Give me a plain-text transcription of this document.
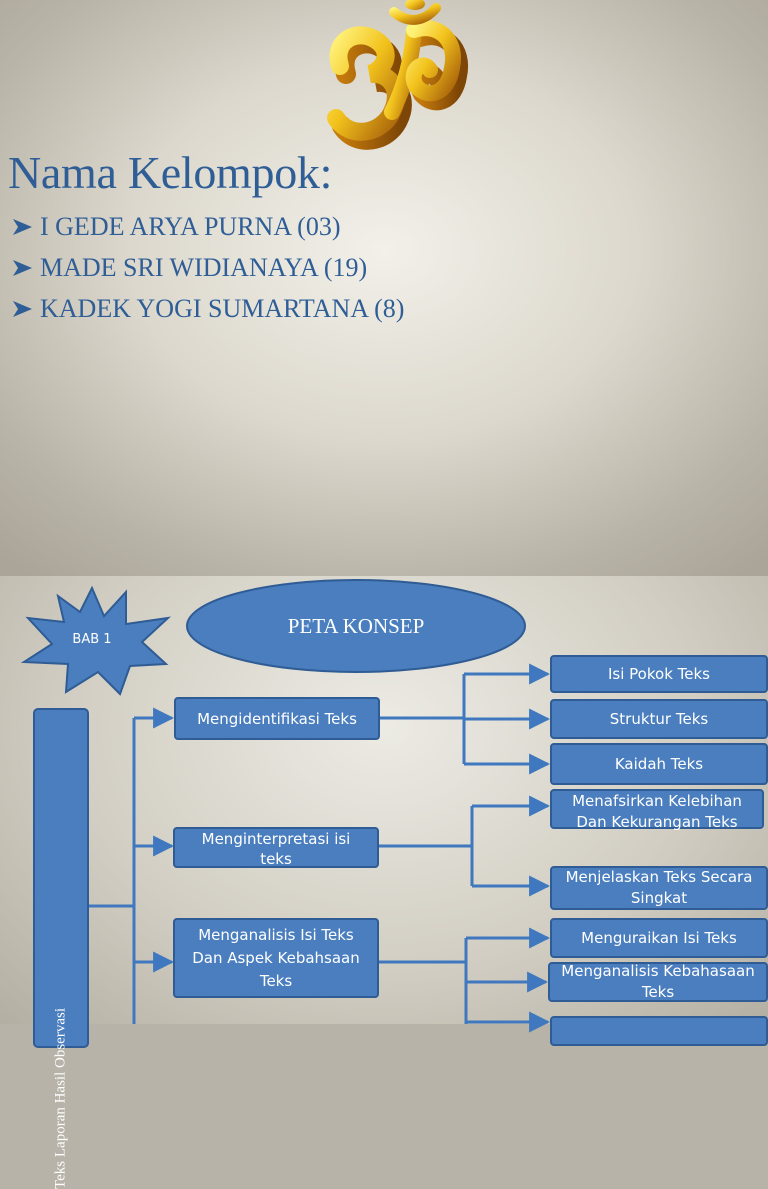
Nama Kelompok:
I GEDE ARYA PURNA (03)
MADE SRI WIDIANAYA (19)
KADEK YOGI SUMARTANA (8)
BAB 1
PETA KONSEP
Teks Laporan Hasil Observasi
Mengidentifikasi Teks
Menginterpretasi isi teks
Menganalisis Isi Teks Dan Aspek Kebahsaan Teks
Isi Pokok Teks
Struktur Teks
Kaidah Teks
Menafsirkan Kelebihan Dan Kekurangan Teks
Menjelaskan Teks Secara Singkat
Menguraikan Isi Teks
Menganalisis Kebahasaan Teks
